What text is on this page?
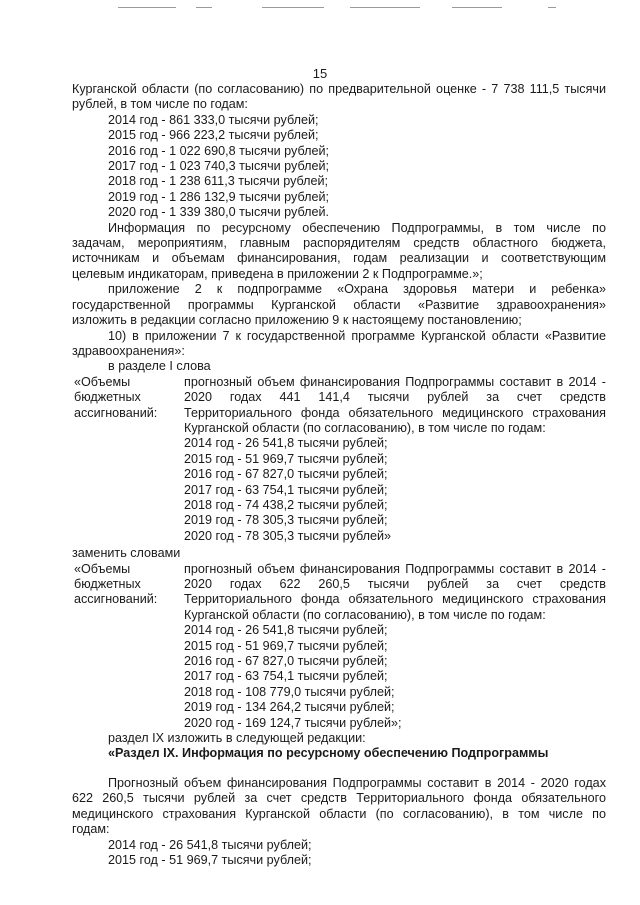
15

Курганской области (по согласованию) по предварительной оценке - 7 738 111,5 тысячи

рублей, в том числе по годам:

2014 год - 861 333,0 тысячи рублей;

2015 год - 966 223,2 тысячи рублей;

2016 год - 1 022 690,8 тысячи рублей;

2017 год - 1 023 740,3 тысячи рублей;

2018 год - 1 238 611,3 тысячи рублей;

2019 год - 1 286 132,9 тысячи рублей;

2020 год - 1 339 380,0 тысячи рублей.

Информация по ресурсному обеспечению Подпрограммы, в том числе по

задачам, мероприятиям, главным распорядителям средств областного бюджета,

источникам и объемам финансирования, годам реализации и соответствующим

целевым индикаторам, приведена в приложении 2 к Подпрограмме.»;

приложение 2 к подпрограмме «Охрана здоровья матери и ребенка»

государственной программы Курганской области «Развитие здравоохранения»

изложить в редакции согласно приложению 9 к настоящему постановлению;

10) в приложении 7 к государственной программе Курганской области «Развитие

здравоохранения»:

в разделе I слова

«Объемы

бюджетных

ассигнований:

прогнозный объем финансирования Подпрограммы составит в 2014 -

2020 годах 441 141,4 тысячи рублей за счет средств

Территориального фонда обязательного медицинского страхования

Курганской области (по согласованию), в том числе по годам:

2014 год - 26 541,8 тысячи рублей;

2015 год - 51 969,7 тысячи рублей;

2016 год - 67 827,0 тысячи рублей;

2017 год - 63 754,1 тысячи рублей;

2018 год - 74 438,2 тысячи рублей;

2019 год - 78 305,3 тысячи рублей;

2020 год - 78 305,3 тысячи рублей»

заменить словами

«Объемы

бюджетных

ассигнований:

прогнозный объем финансирования Подпрограммы составит в 2014 -

2020 годах 622 260,5 тысячи рублей за счет средств

Территориального фонда обязательного медицинского страхования

Курганской области (по согласованию), в том числе по годам:

2014 год - 26 541,8 тысячи рублей;

2015 год - 51 969,7 тысячи рублей;

2016 год - 67 827,0 тысячи рублей;

2017 год - 63 754,1 тысячи рублей;

2018 год - 108 779,0 тысячи рублей;

2019 год - 134 264,2 тысячи рублей;

2020 год - 169 124,7 тысячи рублей»;

раздел IX изложить в следующей редакции:

«Раздел IX. Информация по ресурсному обеспечению Подпрограммы

Прогнозный объем финансирования Подпрограммы составит в 2014 - 2020 годах

622 260,5 тысячи рублей за счет средств Территориального фонда обязательного

медицинского страхования Курганской области (по согласованию), в том числе по

годам:

2014 год - 26 541,8 тысячи рублей;

2015 год - 51 969,7 тысячи рублей;
